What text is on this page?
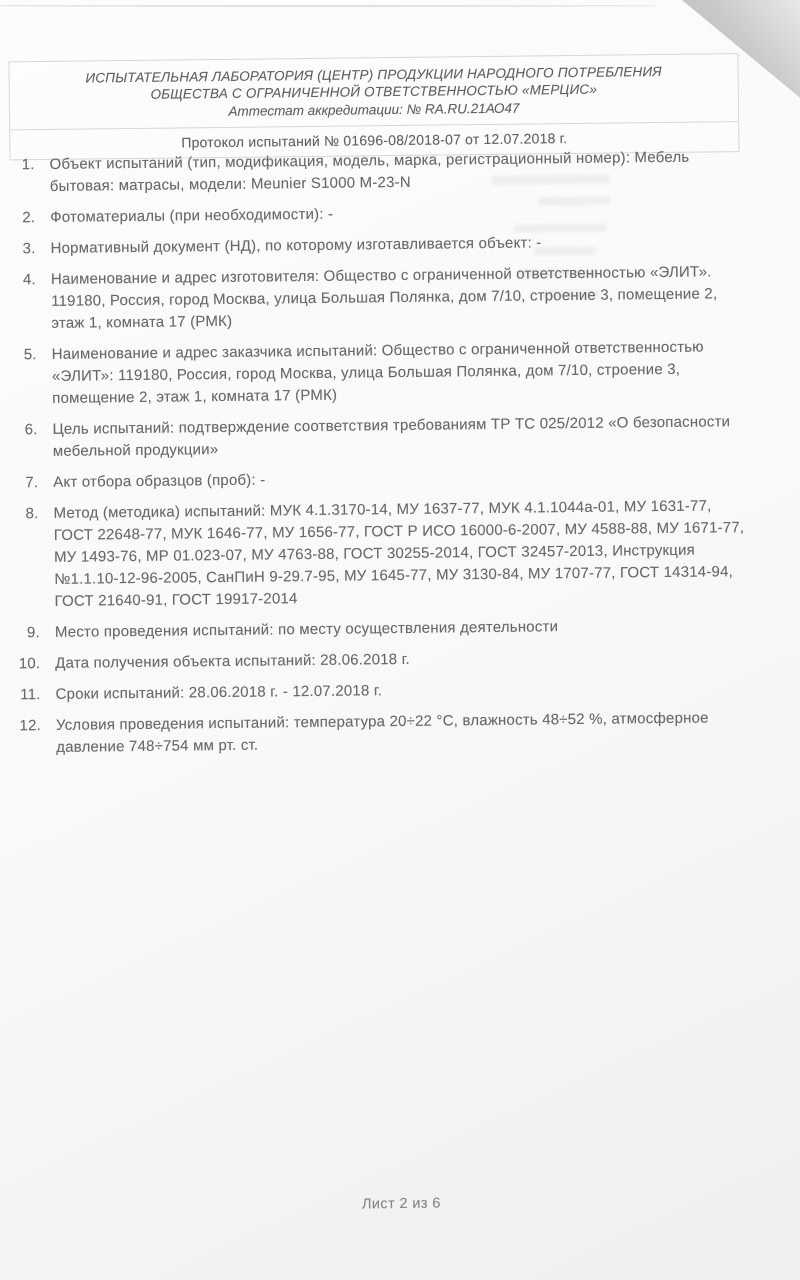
ИСПЫТАТЕЛЬНАЯ ЛАБОРАТОРИЯ (ЦЕНТР) ПРОДУКЦИИ НАРОДНОГО ПОТРЕБЛЕНИЯ
ОБЩЕСТВА С ОГРАНИЧЕННОЙ ОТВЕТСТВЕННОСТЬЮ «МЕРЦИС»
Аттестат аккредитации: № RA.RU.21АО47
Протокол испытаний № 01696-08/2018-07 от 12.07.2018 г.
1. Объект испытаний (тип, модификация, модель, марка, регистрационный номер): Мебель бытовая: матрасы, модели: Meunier S1000 M-23-N
2. Фотоматериалы (при необходимости): -
3. Нормативный документ (НД), по которому изготавливается объект: -
4. Наименование и адрес изготовителя: Общество с ограниченной ответственностью «ЭЛИТ». 119180, Россия, город Москва, улица Большая Полянка, дом 7/10, строение 3, помещение 2, этаж 1, комната 17 (РМК)
5. Наименование и адрес заказчика испытаний: Общество с ограниченной ответственностью «ЭЛИТ»: 119180, Россия, город Москва, улица Большая Полянка, дом 7/10, строение 3, помещение 2, этаж 1, комната 17 (РМК)
6. Цель испытаний: подтверждение соответствия требованиям ТР ТС 025/2012 «О безопасности мебельной продукции»
7. Акт отбора образцов (проб): -
8. Метод (методика) испытаний: МУК 4.1.3170-14, МУ 1637-77, МУК 4.1.1044а-01, МУ 1631-77, ГОСТ 22648-77, МУК 1646-77, МУ 1656-77, ГОСТ Р ИСО 16000-6-2007, МУ 4588-88, МУ 1671-77, МУ 1493-76, МР 01.023-07, МУ 4763-88, ГОСТ 30255-2014, ГОСТ 32457-2013, Инструкция №1.1.10-12-96-2005, СанПиН 9-29.7-95, МУ 1645-77, МУ 3130-84, МУ 1707-77, ГОСТ 14314-94, ГОСТ 21640-91, ГОСТ 19917-2014
9. Место проведения испытаний: по месту осуществления деятельности
10. Дата получения объекта испытаний: 28.06.2018 г.
11. Сроки испытаний: 28.06.2018 г. - 12.07.2018 г.
12. Условия проведения испытаний: температура 20÷22 °С, влажность 48÷52 %, атмосферное давление 748÷754 мм рт. ст.
Лист 2 из 6
